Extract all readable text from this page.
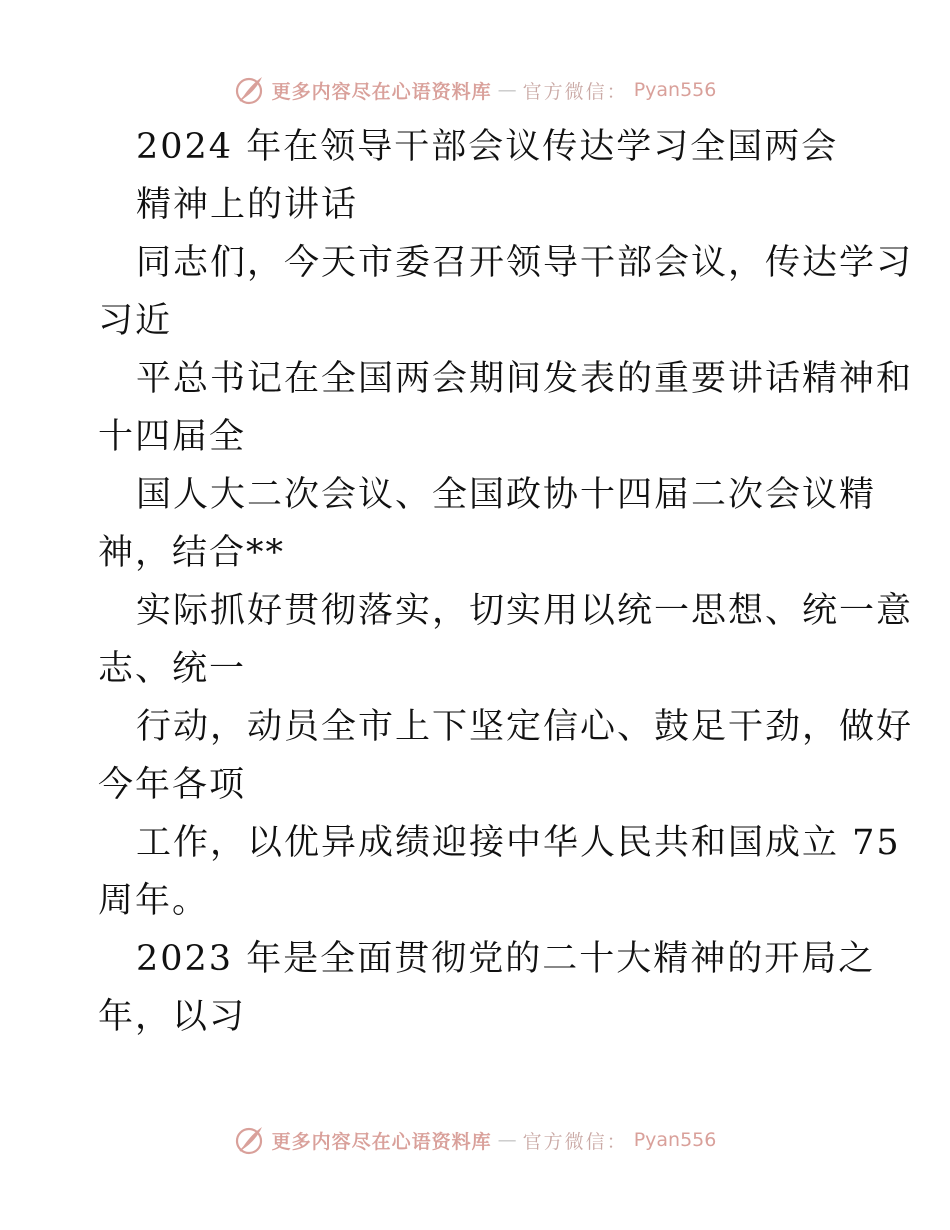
更多内容尽在心语资料库 — 官方微信： Pyan556
2024 年在领导干部会议传达学习全国两会
精神上的讲话
同志们，今天市委召开领导干部会议，传达学习
习近
平总书记在全国两会期间发表的重要讲话精神和
十四届全
国人大二次会议、全国政协十四届二次会议精
神，结合**
实际抓好贯彻落实，切实用以统一思想、统一意
志、统一
行动，动员全市上下坚定信心、鼓足干劲，做好
今年各项
工作，以优异成绩迎接中华人民共和国成立 75
周年。
2023 年是全面贯彻党的二十大精神的开局之
年，以习
更多内容尽在心语资料库 — 官方微信： Pyan556
